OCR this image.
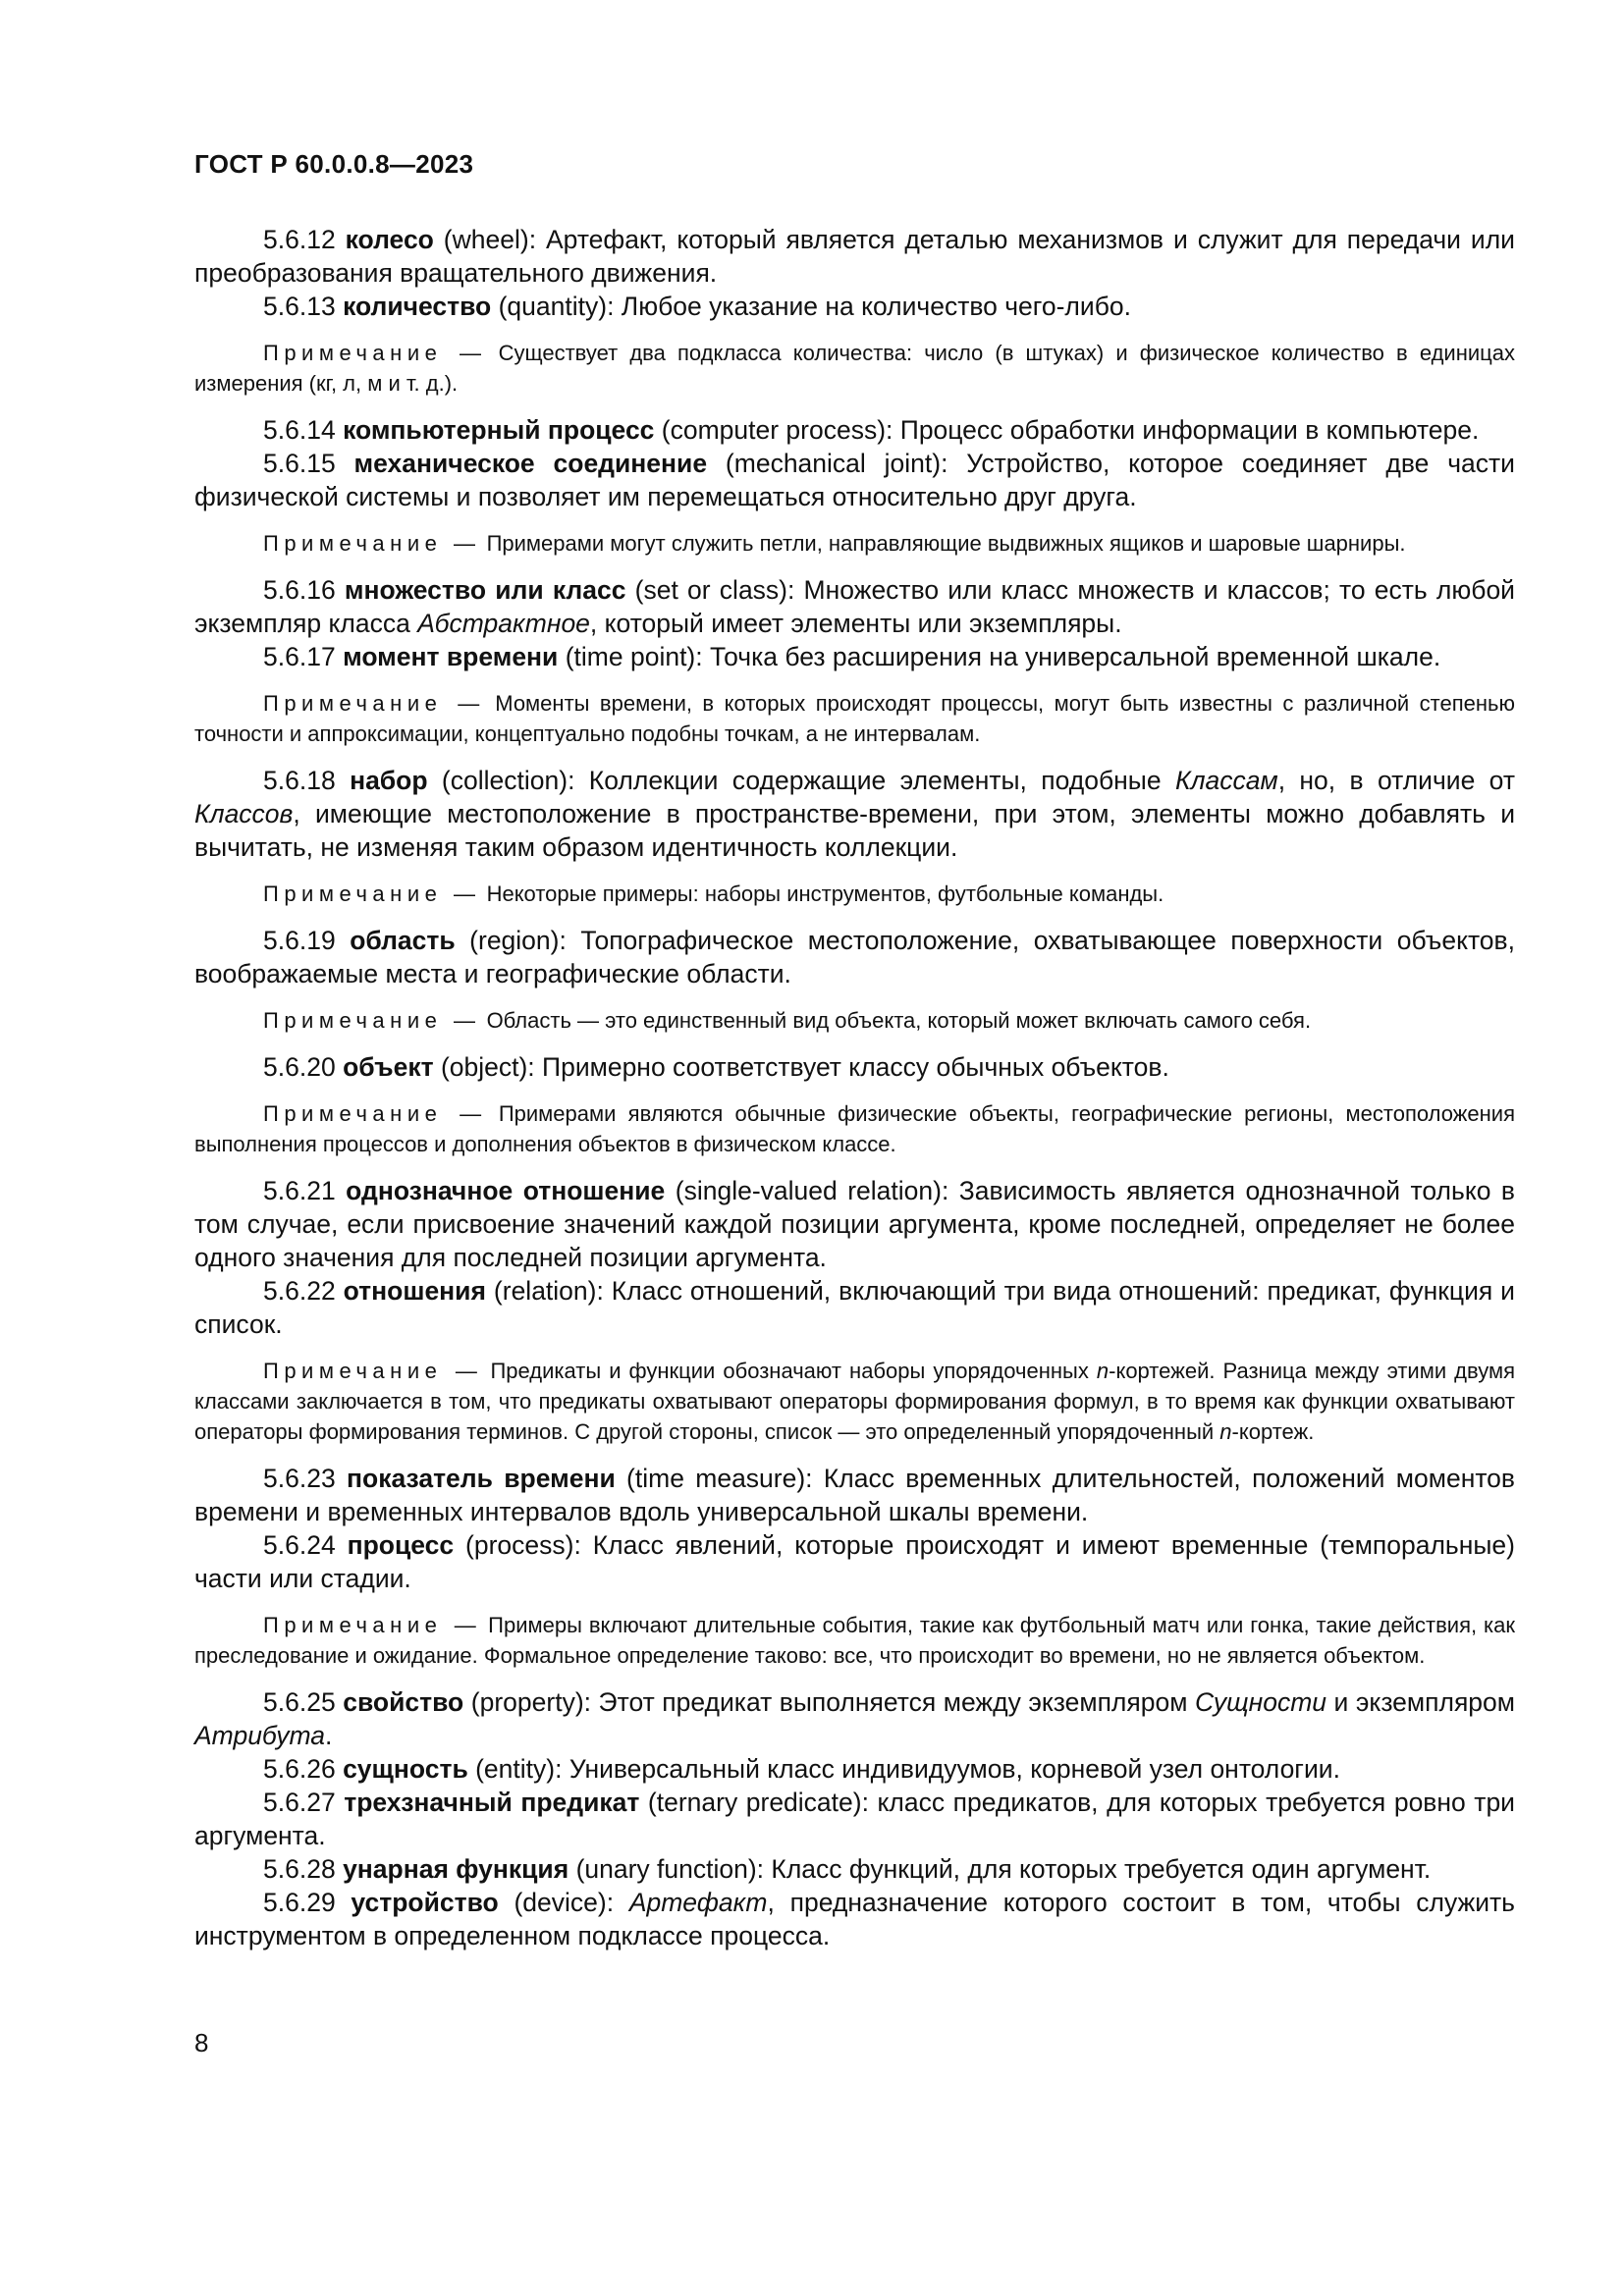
ГОСТ Р 60.0.0.8—2023

5.6.12 колесо (wheel): Артефакт, который является деталью механизмов и служит для передачи или преобразования вращательного движения.

5.6.13 количество (quantity): Любое указание на количество чего-либо.

Примечание — Существует два подкласса количества: число (в штуках) и физическое количество в единицах измерения (кг, л, м и т. д.).

5.6.14 компьютерный процесс (computer process): Процесс обработки информации в компьютере.

5.6.15 механическое соединение (mechanical joint): Устройство, которое соединяет две части физической системы и позволяет им перемещаться относительно друг друга.

Примечание — Примерами могут служить петли, направляющие выдвижных ящиков и шаровые шарниры.

5.6.16 множество или класс (set or class): Множество или класс множеств и классов; то есть любой экземпляр класса Абстрактное, который имеет элементы или экземпляры.

5.6.17 момент времени (time point): Точка без расширения на универсальной временной шкале.

Примечание — Моменты времени, в которых происходят процессы, могут быть известны с различной степенью точности и аппроксимации, концептуально подобны точкам, а не интервалам.

5.6.18 набор (collection): Коллекции содержащие элементы, подобные Классам, но, в отличие от Классов, имеющие местоположение в пространстве-времени, при этом, элементы можно добавлять и вычитать, не изменяя таким образом идентичность коллекции.

Примечание — Некоторые примеры: наборы инструментов, футбольные команды.

5.6.19 область (region): Топографическое местоположение, охватывающее поверхности объектов, воображаемые места и географические области.

Примечание — Область — это единственный вид объекта, который может включать самого себя.

5.6.20 объект (object): Примерно соответствует классу обычных объектов.

Примечание — Примерами являются обычные физические объекты, географические регионы, местоположения выполнения процессов и дополнения объектов в физическом классе.

5.6.21 однозначное отношение (single-valued relation): Зависимость является однозначной только в том случае, если присвоение значений каждой позиции аргумента, кроме последней, определяет не более одного значения для последней позиции аргумента.

5.6.22 отношения (relation): Класс отношений, включающий три вида отношений: предикат, функция и список.

Примечание — Предикаты и функции обозначают наборы упорядоченных n-кортежей. Разница между этими двумя классами заключается в том, что предикаты охватывают операторы формирования формул, в то время как функции охватывают операторы формирования терминов. С другой стороны, список — это определенный упорядоченный n-кортеж.

5.6.23 показатель времени (time measure): Класс временных длительностей, положений моментов времени и временных интервалов вдоль универсальной шкалы времени.

5.6.24 процесс (process): Класс явлений, которые происходят и имеют временные (темпоральные) части или стадии.

Примечание — Примеры включают длительные события, такие как футбольный матч или гонка, такие действия, как преследование и ожидание. Формальное определение таково: все, что происходит во времени, но не является объектом.

5.6.25 свойство (property): Этот предикат выполняется между экземпляром Сущности и экземпляром Атрибута.

5.6.26 сущность (entity): Универсальный класс индивидуумов, корневой узел онтологии.

5.6.27 трехзначный предикат (ternary predicate): класс предикатов, для которых требуется ровно три аргумента.

5.6.28 унарная функция (unary function): Класс функций, для которых требуется один аргумент.

5.6.29 устройство (device): Артефакт, предназначение которого состоит в том, чтобы служить инструментом в определенном подклассе процесса.

8
